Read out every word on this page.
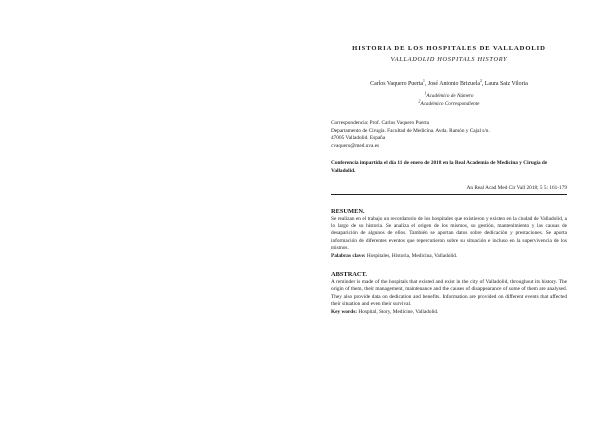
HISTORIA DE LOS HOSPITALES DE VALLADOLID
VALLADOLID HOSPITALS HISTORY
Carlos Vaquero Puerta$^1$, José Antonio Brizuela$^2$, Laura Saiz Viloria
$^1$Académico de Número
$^2$Académico Correspondiente
Correspondencia: Prof. Carlos Vaquero Puerta
Departamento de Cirugía. Facultad de Medicina. Avda. Ramón y Cajal s/n.
47005 Valladolid. España
cvaquero@med.uva.es
Conferencia impartida el día 11 de enero de 2018 en la Real Academia de Medicina y Cirugía de Valladolid.
An Real Acad Med Cir Vall 2018; 5 5: 161-179
RESUMEN.
Se realizan en el trabajo un recordatorio de los hospitales que existieron y existen en la ciudad de Valladolid, a lo largo de su historia. Se analiza el origen de los mismos, su gestión, mantenimiento y las causas de desaparición de algunos de ellos. También se aportan datos sobre dedicación y prestaciones. Se aporta información de diferentes eventos que repercutieron sobre su situación e incluso en la supervivencia de los mismos.
Palabras clave: Hospitales, Historia, Medicina, Valladolid.
ABSTRACT.
A reminder is made of the hospitals that existed and exist in the city of Valladolid, throughout its history. The origin of them, their management, maintenance and the causes of disappearance of some of them are analysed. They also provide data on dedication and benefits. Information are provided on different events that affected their situation and even their survival.
Key words: Hospital, Story, Medicine, Valladolid.
